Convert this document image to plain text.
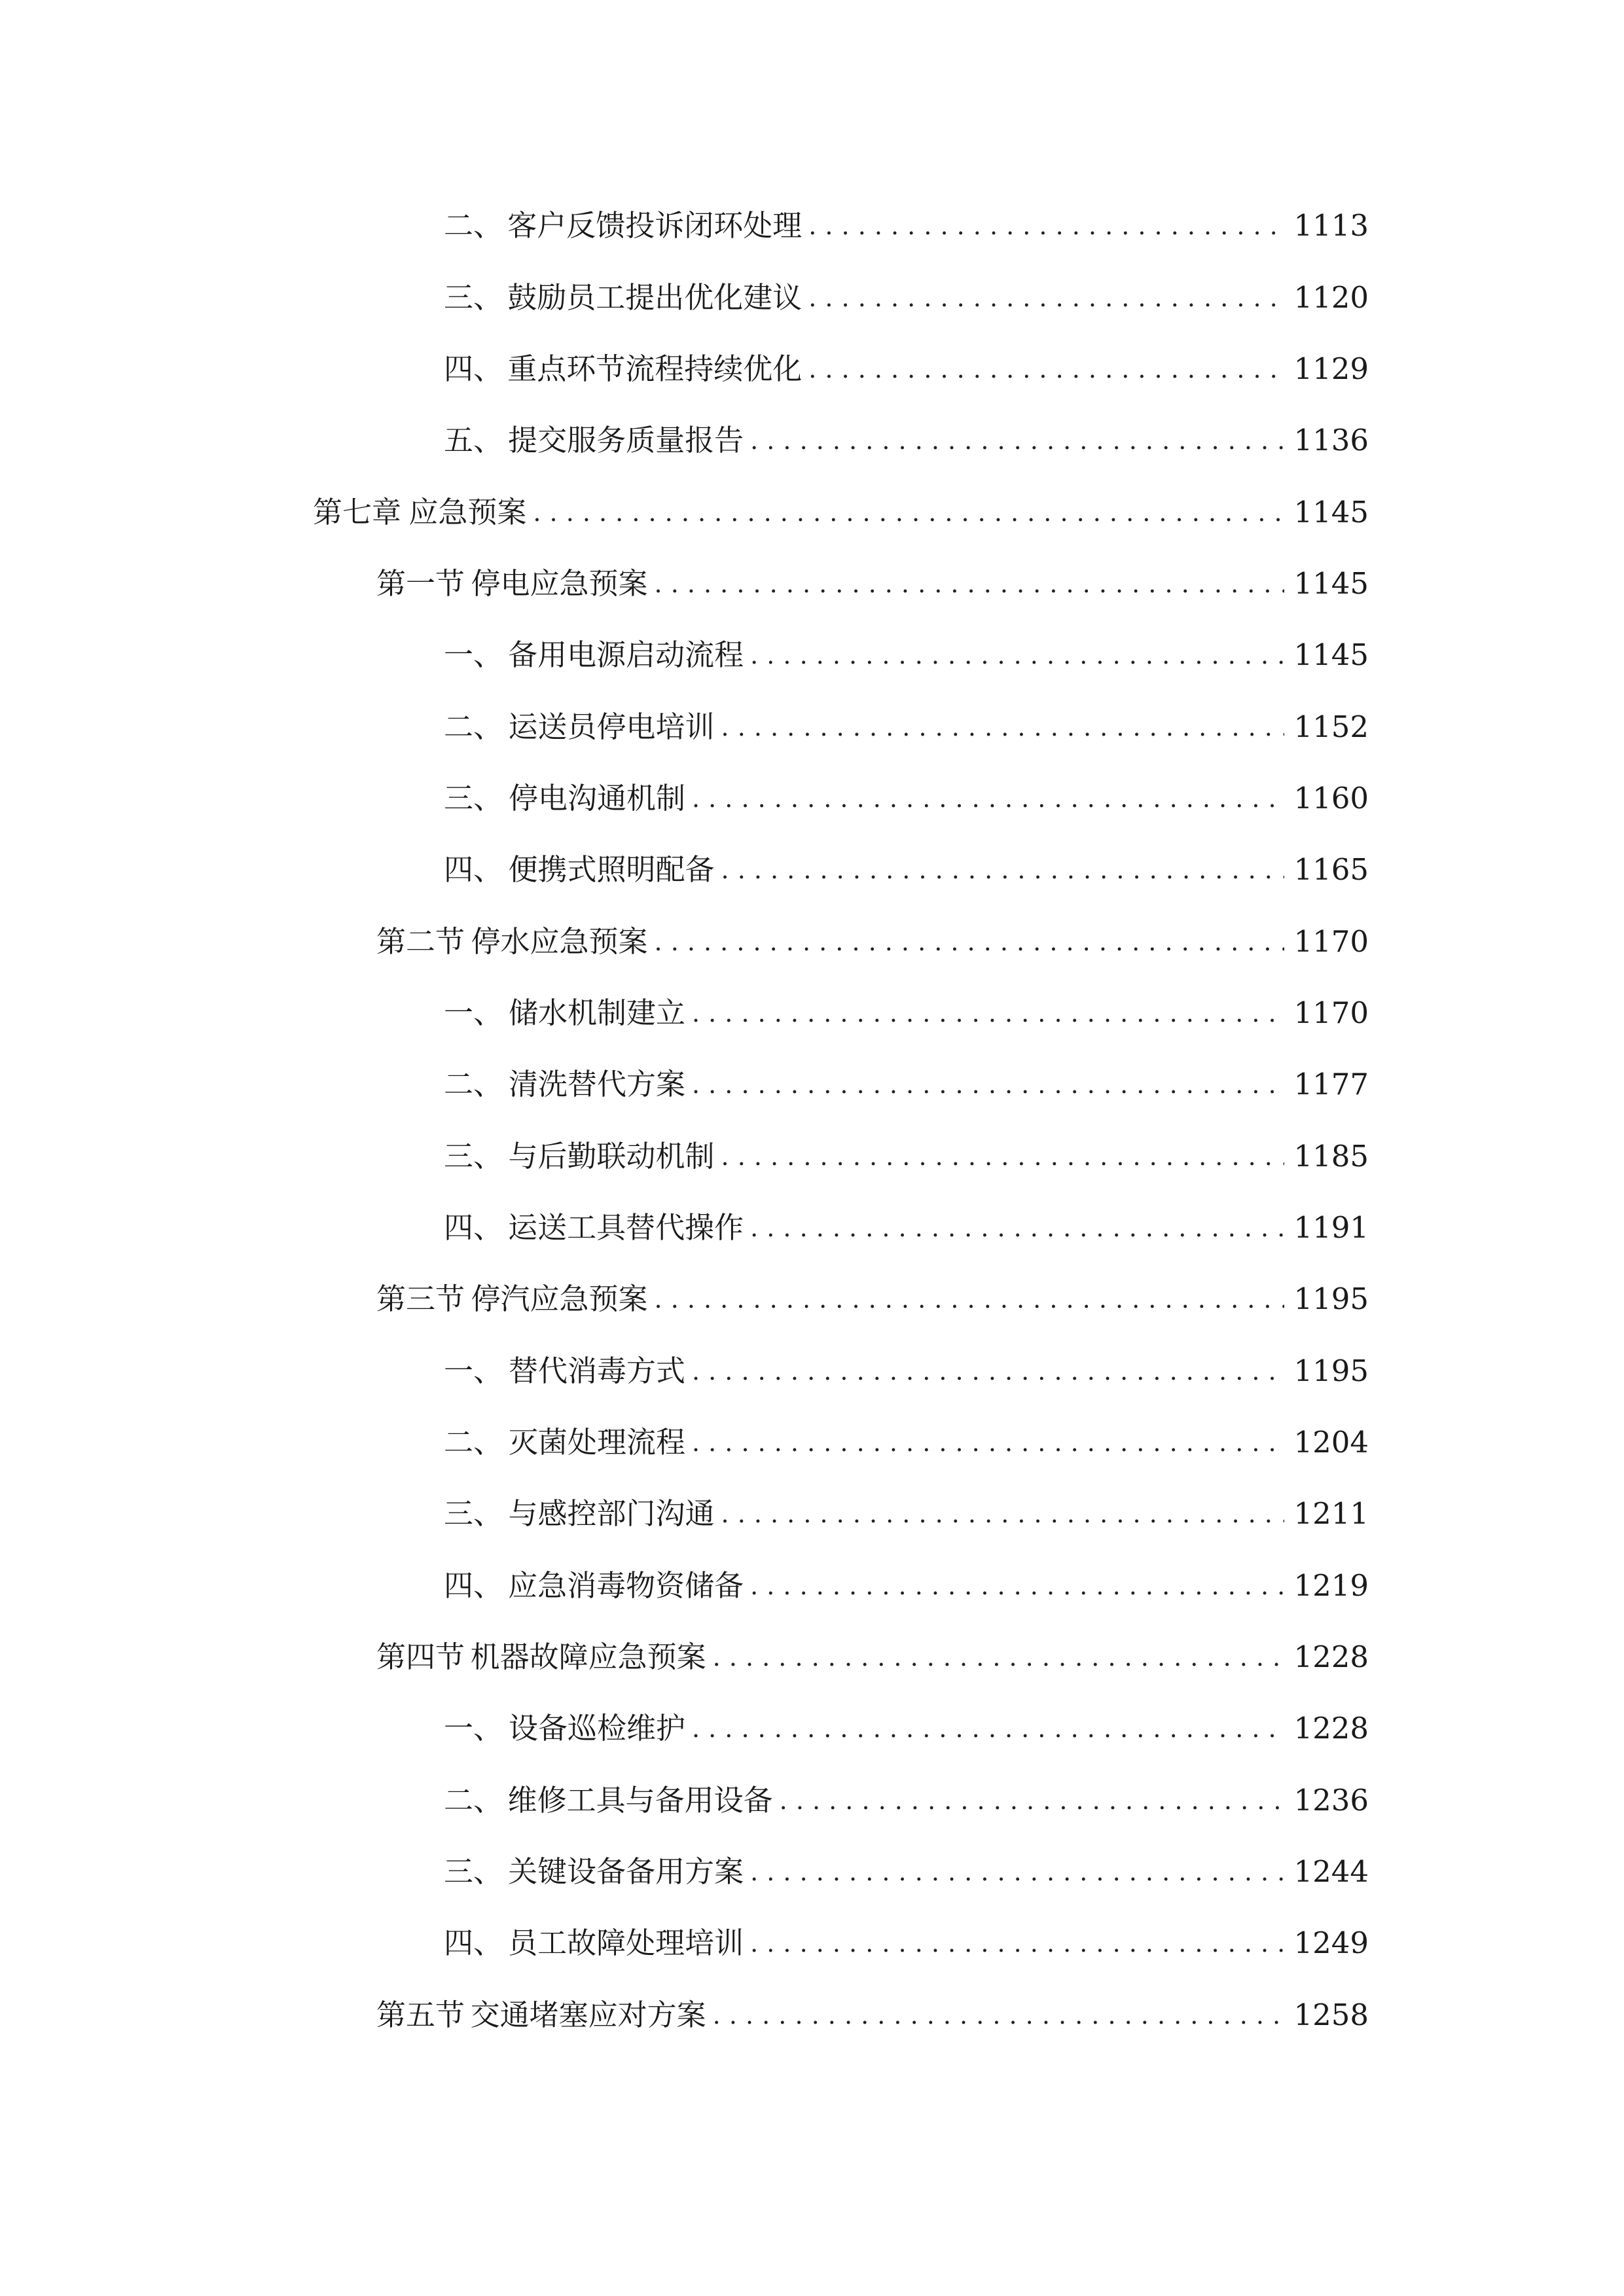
二、 客户反馈投诉闭环处理 . . .	1113
三、 鼓励员工提出优化建议 . . .	1120
四、 重点环节流程持续优化 . . .	1129
五、 提交服务质量报告 . . .	1136
第七章 应急预案 . . .	1145
第一节 停电应急预案 . . .	1145
一、 备用电源启动流程 . . .	1145
二、 运送员停电培训 . . .	1152
三、 停电沟通机制 . . .	1160
四、 便携式照明配备 . . .	1165
第二节 停水应急预案 . . .	1170
一、 储水机制建立 . . .	1170
二、 清洗替代方案 . . .	1177
三、 与后勤联动机制 . . .	1185
四、 运送工具替代操作 . . .	1191
第三节 停汽应急预案 . . .	1195
一、 替代消毒方式 . . .	1195
二、 灭菌处理流程 . . .	1204
三、 与感控部门沟通 . . .	1211
四、 应急消毒物资储备 . . .	1219
第四节 机器故障应急预案 . . .	1228
一、 设备巡检维护 . . .	1228
二、 维修工具与备用设备 . . .	1236
三、 关键设备备用方案 . . .	1244
四、 员工故障处理培训 . . .	1249
第五节 交通堵塞应对方案 . . .	1258
